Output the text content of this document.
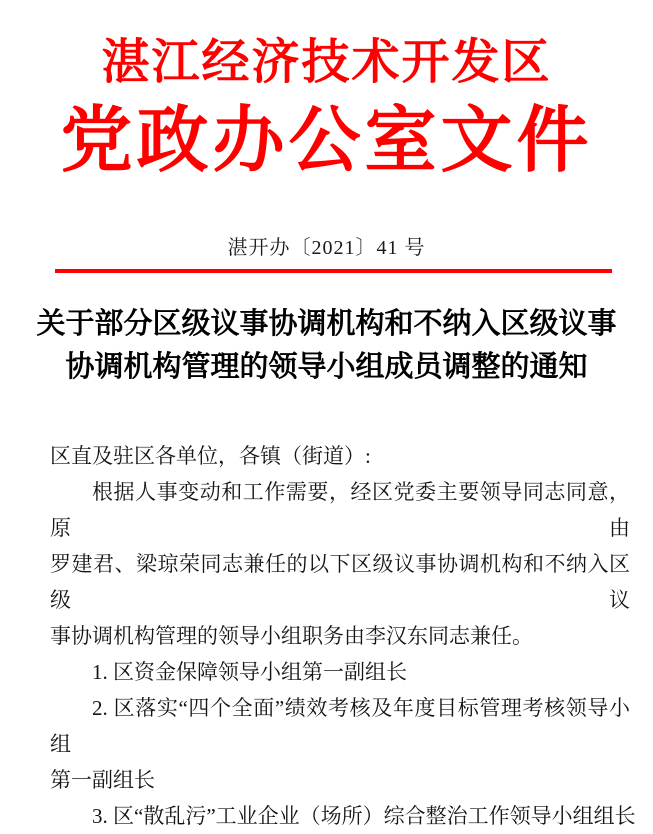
湛江经济技术开发区
党政办公室文件
湛开办〔2021〕41 号
关于部分区级议事协调机构和不纳入区级议事
协调机构管理的领导小组成员调整的通知
区直及驻区各单位，各镇（街道）:
根据人事变动和工作需要，经区党委主要领导同志同意，原由
罗建君、梁琼荣同志兼任的以下区级议事协调机构和不纳入区级议
事协调机构管理的领导小组职务由李汉东同志兼任。
1. 区资金保障领导小组第一副组长
2. 区落实“四个全面”绩效考核及年度目标管理考核领导小组
第一副组长
3. 区“散乱污”工业企业（场所）综合整治工作领导小组组长
